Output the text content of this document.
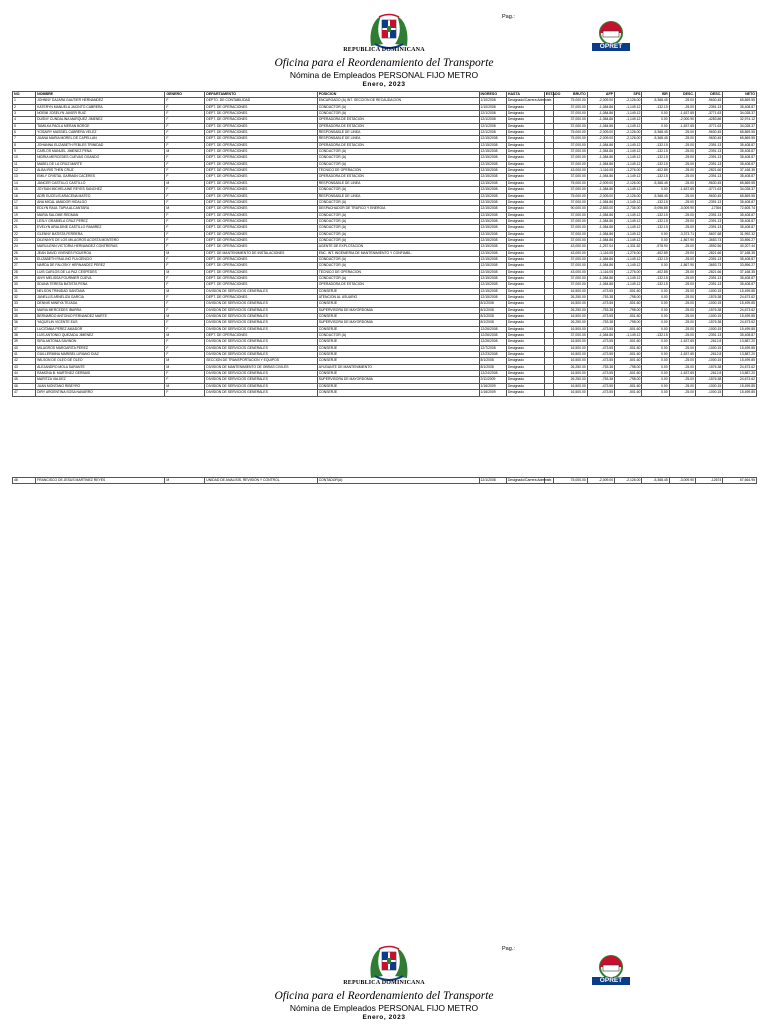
Pag.:
OPRET
REPUBLICA DOMINICANA
Oficina para el Reordenamiento del Transporte
Nómina de Empleados PERSONAL FIJO METRO
Enero, 2023
NO.	NOMBRE	GENERO	DEPARTAMENTO	POSICION	INGRESO	HASTA	ESTADO	BRUTO	AFP	SFS	ISR	DESC.	DESC.	NETO
1	JOHNNY DAJARA GAUTIER HERNANDEZ	F	DEPTO. DE CONTABILIDAD	ENCARGADO (A) INT. SECCION DE RECAUDACION	1/10/2008	Designado/Carrera Administr.		75,000.00	-2,009.00	-2,126.00	-5,368.45	-25.00	-9630.45	65,869.55
2	KATERYN MANUELA JACINTO CABRERA	F	DEPT. DE OPERACIONES	CONDUCTOR (A)	1/10/2008	Designado		37,000.00	-1,084.86	-1,149.12	-132.15	-25.00	-2391.13	35,408.87
3	NOEMI JOSELYN JAVIER RUIZ	F	DEPT. DE OPERACIONES	CONDUCTOR (A)	12/1/2008	Designado		37,000.00	-1,084.86	-1,149.12	0.00	-1,637.65	-3771.63	34,028.37
4	DUSNY CUNDALINA MARQUEZ JIMENEZ	F	DEPT. DE OPERACIONES	OPERADORA DE ESTACION	12/1/2008	Designado		37,000.00	-1,084.86	-1,149.12	0.00	-2,000.90	-4283.86	32,974.12
5	TAMILKA PAOLA MERAN BORGE	F	DEPT. DE OPERACIONES	OPERADORA DE ESTACION	12/1/2008	Designado		37,000.00	-1,084.86	-1,149.12	0.00	-1,637.65	-3771.63	34,028.37
6	YOSAIRY MASSIEL CABRERA VELEZ	F	DEPT. DE OPERACIONES	RESPONSABLE DE LINEA	12/1/2008	Designado		75,000.00	-2,009.00	-2,126.00	-5,368.45	-25.00	-9630.45	65,869.55
7	JUANA MARIA MOREL DE CAPELLAN	F	DEPT. DE OPERACIONES	RESPONSABLE DE LINEA	12/15/2008	Designado		75,000.00	-2,009.00	-2,126.00	-5,368.45	-25.00	-9630.45	65,869.55
8	JOHANNA ELIZABETH FEBLES TRINIDAD	F	DEPT. DE OPERACIONES	OPERADORA DE ESTACION	12/15/2008	Designado		37,000.00	-1,084.86	-1,149.12	-132.15	-25.00	-2391.13	35,408.87
9	CARLOS MANUEL JIMENEZ PENA	M	DEPT. DE OPERACIONES	CONDUCTOR (A)	12/15/2008	Designado		37,000.00	-1,084.86	-1,149.12	-132.15	-25.00	-2391.13	35,408.87
10	NIDRIA MERCEDES CUEVAS OGANDO	F	DEPT. DE OPERACIONES	CONDUCTOR (A)	12/15/2008	Designado		37,000.00	-1,084.86	-1,149.12	-132.15	-25.00	-2391.13	35,408.87
11	MABEL DE LA CRUZ MARTE	F	DEPT. DE OPERACIONES	CONDUCTOR (A)	12/15/2008	Designado		37,000.00	-1,084.86	-1,149.12	-132.15	-25.00	-2391.13	35,408.87
12	ALBA IRIS THEN CRUZ	F	DEPT. DE OPERACIONES	TECNICO DE OPERACION	12/15/2008	Designado		43,000.00	-1,116.05	-1,276.00	-402.85	-25.00	-2821.66	37,168.35
13	EMILY CRISTAL GARMAN CACERES	F	DEPT. DE OPERACIONES	OPERADORA DE ESTACION	12/15/2008	Designado		37,000.00	-1,084.86	-1,149.12	-132.15	-25.00	-2391.13	35,408.87
14	JANCER CASTILLO CASTILLO	M	DEPT. DE OPERACIONES	RESPONSABLE DE LINEA	12/15/2008	Designado		75,000.00	-2,009.00	-2,126.00	-5,368.45	-25.00	-9630.45	65,869.55
15	JOYSAN MICHELAINE REYES SANCHEZ	F	DEPT. DE OPERACIONES	CONDUCTOR (A)	12/15/2008	Designado		37,000.00	-1,084.86	-1,149.12	0.00	-1,637.65	-3771.63	34,028.37
16	ADRI EUCELIS ARACENA MATEO	F	DEPT. DE OPERACIONES	RESPONSABLE DE LINEA	12/15/2008	Designado		75,000.00	-2,009.00	-2,126.00	-5,368.45	-25.00	-9630.45	65,869.55
17	ANA MICAL AMADOR HIDALGO	F	DEPT. DE OPERACIONES	CONDUCTOR (A)	12/15/2008	Designado		37,000.00	-1,084.86	-1,149.12	-132.15	-25.00	-2391.13	35,408.87
18	EDLYN RAUL TAPIA ALCANTARA	M	DEPT. DE OPERACIONES	DESPACHADOR DE TRAFICO Y ENERGIA	12/15/2008	Designado		90,000.00	-2,583.00	-2,736.00	-9,096.85	-3,009.90	-17394	72,605.74
19	MARIA SALOME REDMAN	F	DEPT. DE OPERACIONES	CONDUCTOR (A)	12/15/2008	Designado		37,000.00	-1,084.86	-1,149.12	-132.15	-25.00	-2391.13	35,408.87
20	LESLY GRABIELA CRUZ PEREZ	F	DEPT. DE OPERACIONES	CONDUCTOR (A)	12/15/2008	Designado		37,000.00	-1,084.86	-1,149.12	-132.15	-25.00	-2391.13	35,408.87
21	EVELYN ARALDINE CASTILLO RAMIREZ	F	DEPT. DE OPERACIONES	CONDUCTOR (A)	12/15/2008	Designado		37,000.00	-1,084.86	-1,149.12	-132.15	-25.00	-2391.13	35,408.87
22	GLENNY BATISTA FERRERA	F	DEPT. DE OPERACIONES	CONDUCTOR (A)	12/15/2008	Designado		37,000.00	-1,084.86	-1,149.12	0.00	-3,373.71	-5607.68	31,992.32
23	DILENNYS DE LOS MILAGROS ACOSTA MONTERO	F	DEPT. DE OPERACIONES	CONDUCTOR (A)	12/15/2008	Designado		37,000.00	-1,084.86	-1,149.12	0.00	-1,867.90	-3653.73	33,896.27
24	MARLILENN VICTORIA HERNANDEZ CONTRERAS	F	DEPT. DE OPERACIONES	AGENTE DE EXPLOTACION	12/15/2008	Designado		43,000.00	-1,257.04	-1,331.52	-978.90	-25.00	-3592.56	40,207.44
25	JEAN DAVID VIVENES FIGUEROA	M	DEPT. DE MANTENIMIENTO DE INSTALACIONES	ENC. INT. INGENIERIA DE MANTENIMIENTO Y CONFIABIL.	12/15/2008	Designado		43,000.00	-1,116.05	-1,276.00	-402.85	-25.00	-2821.66	37,168.35
26	ELIZABETH PAULINO FULGENCIO	F	DEPT. DE OPERACIONES	CONDUCTOR (A)	12/15/2008	Designado		37,000.00	-1,084.86	-1,149.12	-132.15	-25.00	-2391.13	35,408.87
27	NARDA DE FALOSKY HERNANDEZ PEREZ	F	DEPT. DE OPERACIONES	CONDUCTOR (A)	12/15/2008	Designado		37,000.00	-1,084.86	-1,149.12	0.00	-1,867.90	-3653.73	33,896.27
28	LUIS CARLOS DE LA PAZ CESPEDES	M	DEPT. DE OPERACIONES	TECNICO DE OPERACION	12/15/2008	Designado		43,000.00	-1,116.05	-1,276.00	-402.85	-25.00	-2821.66	37,168.35
29	ANYI MELISSA FOURNIER CUEVA	F	DEPT. DE OPERACIONES	CONDUCTOR (A)	12/15/2008	Designado		37,000.00	-1,084.86	-1,149.12	-132.15	-25.00	-2391.13	35,408.87
30	SDANA TERESA BATISTA PENA	F	DEPT. DE OPERACIONES	OPERADORA DE ESTACION	12/15/2008	Designado		37,000.00	-1,084.86	-1,149.12	-132.15	-25.00	-2391.13	35,408.87
31	NELSON TRINIDAD SANTANA	M	DIVISION DE SERVICIOS GENERALES	CONSERJE	12/15/2008	Designado		16,500.00	-473.55	-501.60	0.00	-25.00	-1000.15	15,499.85
32	JANELLIS ARNELIZA GARCIA	F	DEPT. DE OPERACIONES	ATENCION AL USUARIO	12/15/2008	Designado		26,250.00	-753.38	-798.00	0.00	-25.00	-1576.38	24,673.62
33	DENNIS MINEYA TEJADA	F	DIVISION DE SERVICIOS GENERALES	CONSERJE	8/1/2008	Designado		16,500.00	-473.55	-501.60	0.00	-25.00	-1000.15	15,499.85
34	MARIA MERCEDES IBARRA	F	DIVISION DE SERVICIOS GENERALES	SUPERVISORA DE MAYORDOMIA	8/1/2008	Designado		26,250.00	-753.38	-798.00	0.00	-25.00	-1576.38	24,673.62
35	BERNARDO ANTONIO FERNANDEZ MARTE	M	DIVISION DE SERVICIOS GENERALES	CONSERJE	8/1/2008	Designado		16,500.00	-473.55	-501.60	0.00	-25.00	-1000.15	15,499.85
36	YAQUELIN VICENTE EUS	F	DIVISION DE SERVICIOS GENERALES	SUPERVISORA DE MAYORDOMIA	8/1/2008	Designado		26,250.00	-753.38	-798.00	0.00	-25.00	-1576.38	24,673.62
37	LUCITANIA PEREZ AMADOR	F	DIVISION DE SERVICIOS GENERALES	CONSERJE	12/26/2008	Designado		16,500.00	-473.55	-501.60	0.00	-25.00	-1000.15	15,499.85
38	LUIS ANTONIO QUEZADA JIMENEZ	M	DEPT. DE OPERACIONES	CONDUCTOR (A)	12/26/2008	Designado		37,000.00	-1,084.86	-1,149.12	-132.15	-25.00	-2391.13	35,408.87
39	SIRA ANTONIA SAVINON	F	DIVISION DE SERVICIOS GENERALES	CONSERJE	12/26/2008	Designado		16,500.00	-473.55	-501.60	0.00	-1,637.65	-2612.8	13,887.20
40	MILAGROS MARGARITA PEREZ	F	DIVISION DE SERVICIOS GENERALES	CONSERJE	12/7/2008	Designado		16,500.00	-473.55	-501.60	0.00	-25.00	-1000.15	15,499.85
41	GUILLERMINA MARIBEL LIRIANO DIAZ	F	DIVISION DE SERVICIOS GENERALES	CONSERJE	12/23/2008	Designado		16,500.00	-473.55	-501.60	0.00	-1,637.65	-2612.8	13,887.20
42	WILSON DE OLEO DE OLEO	M	SECCION DE TRANSPORTACION Y EQUIPOS	CONSERJE	8/1/2008	Designado		16,500.00	-473.55	-501.60	0.00	-25.00	-1000.15	15,499.85
43	ALEJANDRO MOLA SARANTE	M	DIVISION DE MANTENIMIENTO DE OBRAS CIVILES	AYUDANTE DE MANTENIMIENTO	8/1/2008	Designado		26,250.00	-753.38	-798.00	0.00	-25.00	-1576.38	24,673.62
44	RAMONA B. MARTINEZ GERBASI	F	DIVISION DE SERVICIOS GENERALES	CONSERJE	12/24/2008	Designado		16,500.00	-473.55	-501.60	0.00	-1,637.65	-2612.8	13,887.20
45	MARITZA VALDEZ	F	DIVISION DE SERVICIOS GENERALES	SUPERVISORA DE MAYORDOMIA	2/11/2009	Designado		26,250.00	-753.38	-798.00	0.00	-25.00	-1576.38	24,673.62
46	JUAN MONTANO RIBEYRO	M	DIVISION DE SERVICIOS GENERALES	CONSERJE	1/16/2009	Designado		16,500.00	-473.55	-501.60	0.00	-25.00	-1000.15	15,499.85
47	DIRY ARGENTINA SOSA NAVARRO	F	DIVISION DE SERVICIOS GENERALES	CONSERJE	1/16/2009	Designado		16,500.00	-473.55	-501.60	0.00	-25.00	-1000.15	15,499.85
48	FRANCISCO DE JESUS MARTINEZ REYES	M	UNIDAD DE ANALISIS, REVISION Y CONTROL	CONTADOR(A)	12/1/2008	Designado/Carrera Administr.		75,000.00	-2,009.00	-2,126.00	-5,368.45	-3,009.90	-12674	67,664.95
Pag.:
OPRET
REPUBLICA DOMINICANA
Oficina para el Reordenamiento del Transporte
Nómina de Empleados PERSONAL FIJO METRO
Enero, 2023
